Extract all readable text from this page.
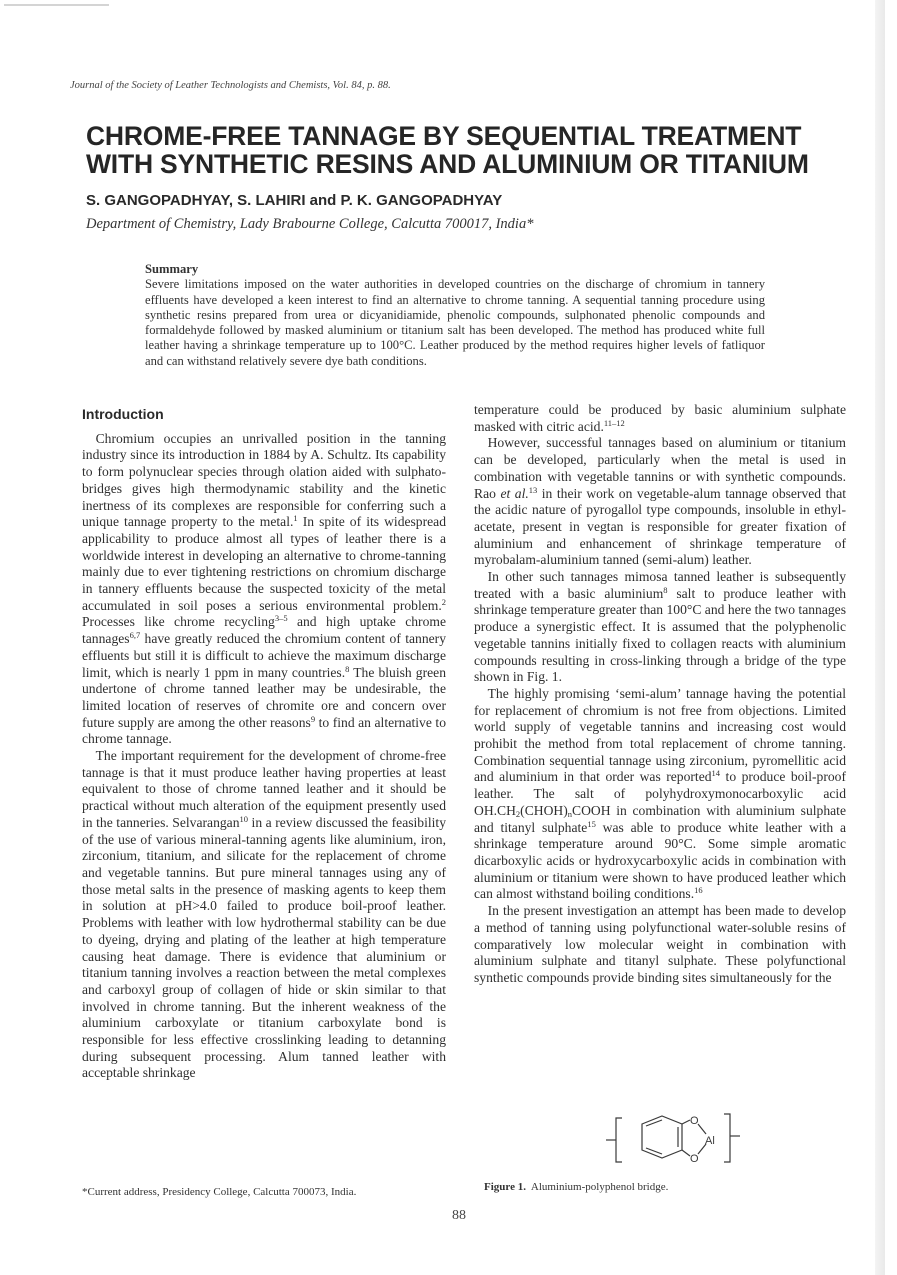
Journal of the Society of Leather Technologists and Chemists, Vol. 84, p. 88.
CHROME-FREE TANNAGE BY SEQUENTIAL TREATMENT
WITH SYNTHETIC RESINS AND ALUMINIUM OR TITANIUM
S. GANGOPADHYAY, S. LAHIRI and P. K. GANGOPADHYAY
Department of Chemistry, Lady Brabourne College, Calcutta 700017, India*
Summary
Severe limitations imposed on the water authorities in developed countries on the discharge of chromium in tannery effluents have developed a keen interest to find an alternative to chrome tanning. A sequential tanning procedure using synthetic resins prepared from urea or dicyanidiamide, phenolic compounds, sulphonated phenolic compounds and formaldehyde followed by masked aluminium or titanium salt has been developed. The method has produced white full leather having a shrinkage temperature up to 100°C. Leather produced by the method requires higher levels of fatliquor and can withstand relatively severe dye bath conditions.
Introduction

Chromium occupies an unrivalled position in the tanning industry since its introduction in 1884 by A. Schultz. Its capability to form polynuclear species through olation aided with sulphato-bridges gives high thermodynamic stability and the kinetic inertness of its complexes are responsible for conferring such a unique tannage property to the metal.$^1$ In spite of its widespread applicability to produce almost all types of leather there is a worldwide interest in developing an alternative to chrome-tanning mainly due to ever tightening restrictions on chromium discharge in tannery effluents because the suspected toxicity of the metal accumulated in soil poses a serious environmental problem.$^2$ Processes like chrome recycling$^{3-5}$ and high uptake chrome tannages$^{6,7}$ have greatly reduced the chromium content of tannery effluents but still it is difficult to achieve the maximum discharge limit, which is nearly 1 ppm in many countries.$^8$ The bluish green undertone of chrome tanned leather may be undesirable, the limited location of reserves of chromite ore and concern over future supply are among the other reasons$^9$ to find an alternative to chrome tannage.

The important requirement for the development of chrome-free tannage is that it must produce leather having properties at least equivalent to those of chrome tanned leather and it should be practical without much alteration of the equipment presently used in the tanneries. Selvarangan$^{10}$ in a review discussed the feasibility of the use of various mineral-tanning agents like aluminium, iron, zirconium, titanium, and silicate for the replacement of chrome and vegetable tannins. But pure mineral tannages using any of those metal salts in the presence of masking agents to keep them in solution at pH>4.0 failed to produce boil-proof leather. Problems with leather with low hydrothermal stability can be due to dyeing, drying and plating of the leather at high temperature causing heat damage. There is evidence that aluminium or titanium tanning involves a reaction between the metal complexes and carboxyl group of collagen of hide or skin similar to that involved in chrome tanning. But the inherent weakness of the aluminium carboxylate or titanium carboxylate bond is responsible for less effective crosslinking leading to detanning during subsequent processing. Alum tanned leather with acceptable shrinkage

temperature could be produced by basic aluminium sulphate masked with citric acid.$^{11-12}$

However, successful tannages based on aluminium or titanium can be developed, particularly when the metal is used in combination with vegetable tannins or with synthetic compounds. Rao et al.$^{13}$ in their work on vegetable-alum tannage observed that the acidic nature of pyrogallol type compounds, insoluble in ethyl-acetate, present in vegtan is responsible for greater fixation of aluminium and enhancement of shrinkage temperature of myrobalam-aluminium tanned (semi-alum) leather.

In other such tannages mimosa tanned leather is subsequently treated with a basic aluminium$^8$ salt to produce leather with shrinkage temperature greater than 100°C and here the two tannages produce a synergistic effect. It is assumed that the polyphenolic vegetable tannins initially fixed to collagen reacts with aluminium compounds resulting in cross-linking through a bridge of the type shown in Fig. 1.

The highly promising ‘semi-alum’ tannage having the potential for replacement of chromium is not free from objections. Limited world supply of vegetable tannins and increasing cost would prohibit the method from total replacement of chrome tanning. Combination sequential tannage using zirconium, pyromellitic acid and aluminium in that order was reported$^{14}$ to produce boil-proof leather. The salt of polyhydroxymonocarboxylic acid $OH.CH_2(CHOH)_nCOOH$ in combination with aluminium sulphate and titanyl sulphate$^{15}$ was able to produce white leather with a shrinkage temperature around 90°C. Some simple aromatic dicarboxylic acids or hydroxycarboxylic acids in combination with aluminium or titanium were shown to have produced leather which can almost withstand boiling conditions.$^{16}$

In the present investigation an attempt has been made to develop a method of tanning using polyfunctional water-soluble resins of comparatively low molecular weight in combination with aluminium sulphate and titanyl sulphate. These polyfunctional synthetic compounds provide binding sites simultaneously for the

O
O
Al
Figure 1. Aluminium-polyphenol bridge.
*Current address, Presidency College, Calcutta 700073, India.
88
